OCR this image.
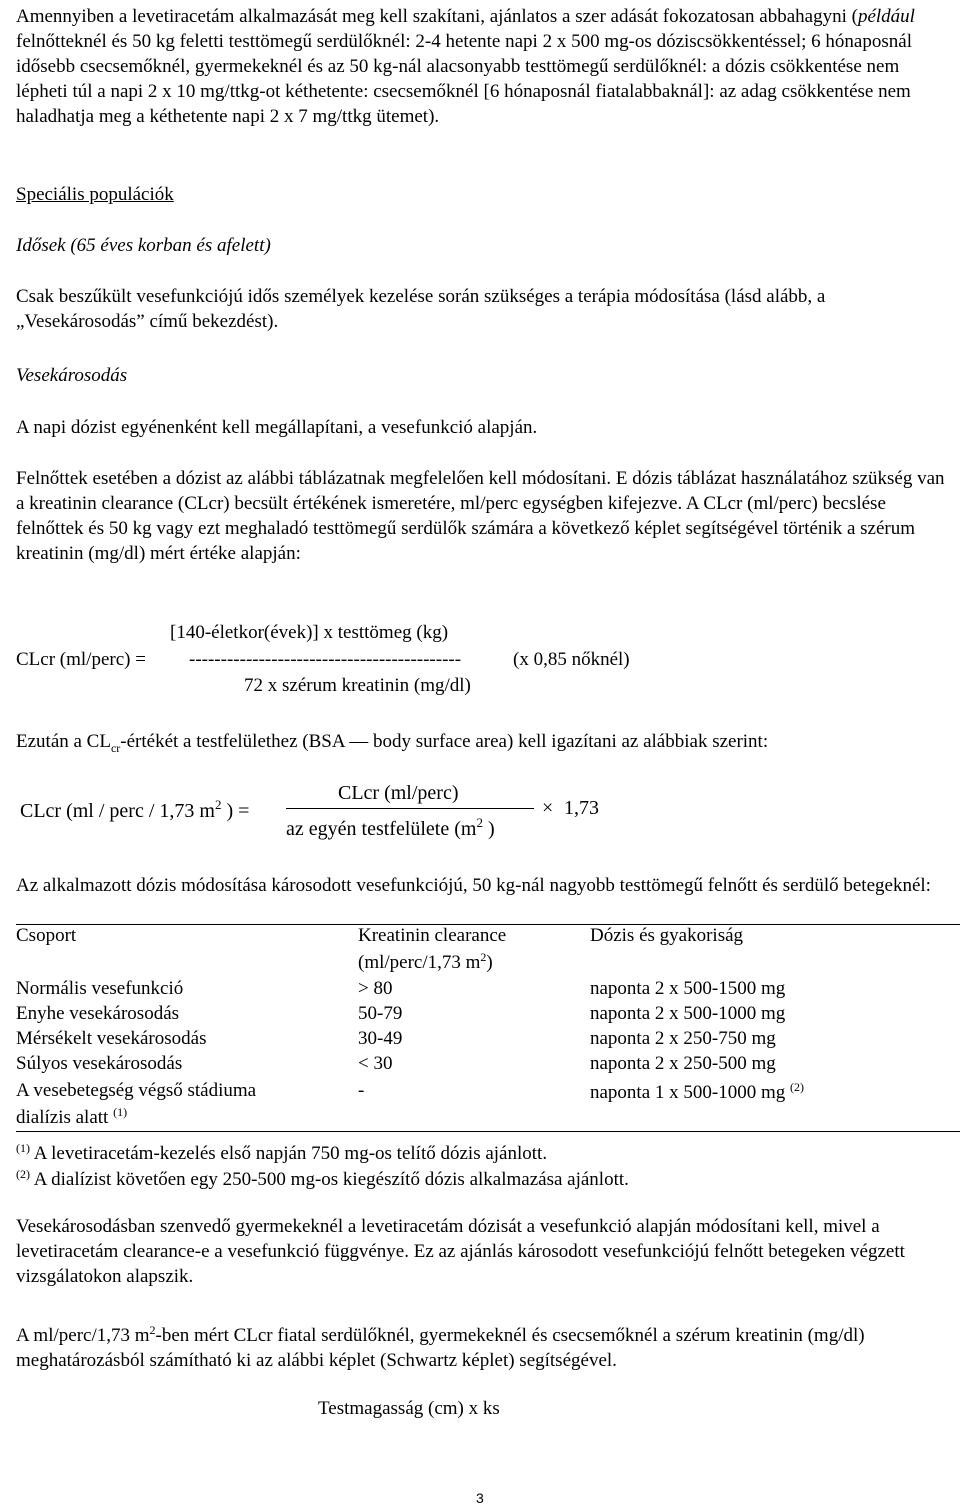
Amennyiben a levetiracetám alkalmazását meg kell szakítani, ajánlatos a szer adását fokozatosan abbahagyni (például felnőtteknél és 50 kg feletti testtömegű serdülőknél: 2-4 hetente napi 2 x 500 mg-os dóziscsökkentéssel; 6 hónaposnál idősebb csecsemőknél, gyermekeknél és az 50 kg-nál alacsonyabb testtömegű serdülőknél: a dózis csökkentése nem lépheti túl a napi 2 x 10 mg/ttkg-ot kéthetente: csecsemőknél [6 hónaposnál fiatalabbaknál]: az adag csökkentése nem haladhatja meg a kéthetente napi 2 x 7 mg/ttkg ütemet).

Speciális populációk

Idősek (65 éves korban és afelett)

Csak beszűkült vesefunkciójú idős személyek kezelése során szükséges a terápia módosítása (lásd alább, a „Vesekárosodás” című bekezdést).

Vesekárosodás

A napi dózist egyénenként kell megállapítani, a vesefunkció alapján.

Felnőttek esetében a dózist az alábbi táblázatnak megfelelően kell módosítani. E dózis táblázat használatához szükség van a kreatinin clearance (CLcr) becsült értékének ismeretére, ml/perc egységben kifejezve. A CLcr (ml/perc) becslése felnőttek és 50 kg vagy ezt meghaladó testtömegű serdülők számára a következő képlet segítségével történik a szérum kreatinin (mg/dl) mért értéke alapján:

[140-életkor(évek)] x testtömeg (kg)
CLcr (ml/perc) = -------------------------------------------	(x 0,85 nőknél)
72 x szérum kreatinin (mg/dl)

Ezután a $CL_{cr}$-értékét a testfelülethez (BSA — body surface area) kell igazítani az alábbiak szerint:

CLcr (ml / perc / 1,73 $m^2$ ) =
CLcr (ml/perc)
az egyén testfelülete ($m^2$ )
× 1,73

Az alkalmazott dózis módosítása károsodott vesefunkciójú, 50 kg-nál nagyobb testtömegű felnőtt és serdülő betegeknél:

Csoport	Kreatinin clearance	Dózis és gyakoriság
(ml/perc/1,73 $m^2$)
Normális vesefunkció	> 80	naponta 2 x 500-1500 mg
Enyhe vesekárosodás	50-79	naponta 2 x 500-1000 mg
Mérsékelt vesekárosodás	30-49	naponta 2 x 250-750 mg
Súlyos vesekárosodás	< 30	naponta 2 x 250-500 mg
A vesebetegség végső stádiuma	-	naponta 1 x 500-1000 mg $^{(2)}$
dialízis alatt $^{(1)}$

$^{(1)}$ A levetiracetám-kezelés első napján 750 mg-os telítő dózis ajánlott.

$^{(2)}$ A dialízist követően egy 250-500 mg-os kiegészítő dózis alkalmazása ajánlott.

Vesekárosodásban szenvedő gyermekeknél a levetiracetám dózisát a vesefunkció alapján módosítani kell, mivel a levetiracetám clearance-e a vesefunkció függvénye. Ez az ajánlás károsodott vesefunkciójú felnőtt betegeken végzett vizsgálatokon alapszik.

A ml/perc/1,73 $m^2$-ben mért CLcr fiatal serdülőknél, gyermekeknél és csecsemőknél a szérum kreatinin (mg/dl) meghatározásból számítható ki az alábbi képlet (Schwartz képlet) segítségével.

Testmagasság (cm) x ks

3
